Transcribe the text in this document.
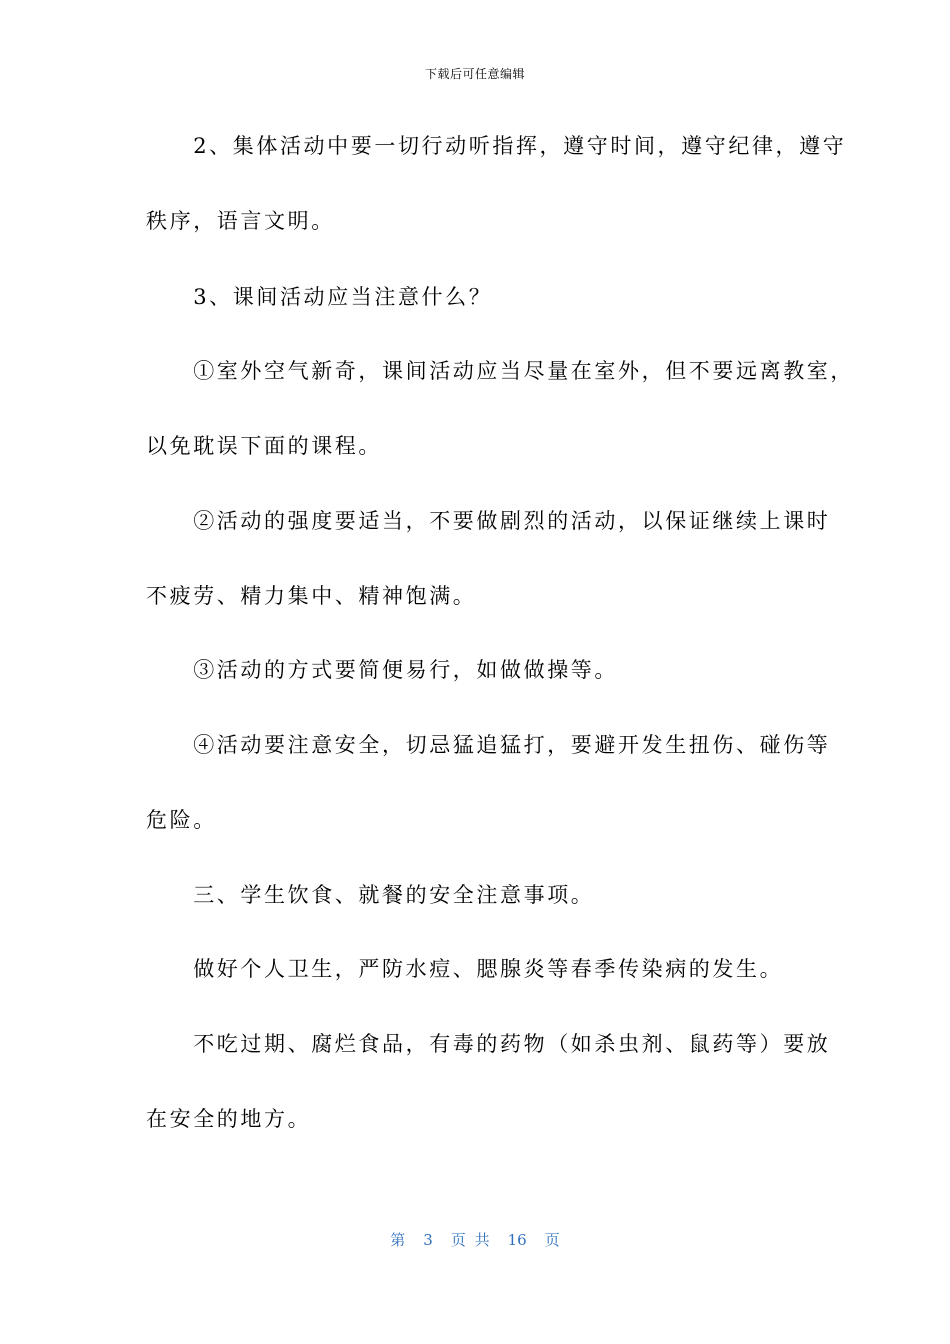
下载后可任意编辑
　　2、集体活动中要一切行动听指挥，遵守时间，遵守纪律，遵守
秩序，语言文明。
　　3、课间活动应当注意什么？
　　①室外空气新奇，课间活动应当尽量在室外，但不要远离教室，
以免耽误下面的课程。
　　②活动的强度要适当，不要做剧烈的活动，以保证继续上课时
不疲劳、精力集中、精神饱满。
　　③活动的方式要简便易行，如做做操等。
　　④活动要注意安全，切忌猛追猛打，要避开发生扭伤、碰伤等
危险。
　　三、学生饮食、就餐的安全注意事项。
　　做好个人卫生，严防水痘、腮腺炎等春季传染病的发生。
　　不吃过期、腐烂食品，有毒的药物（如杀虫剂、鼠药等）要放
在安全的地方。
第 3 页 共 16 页
